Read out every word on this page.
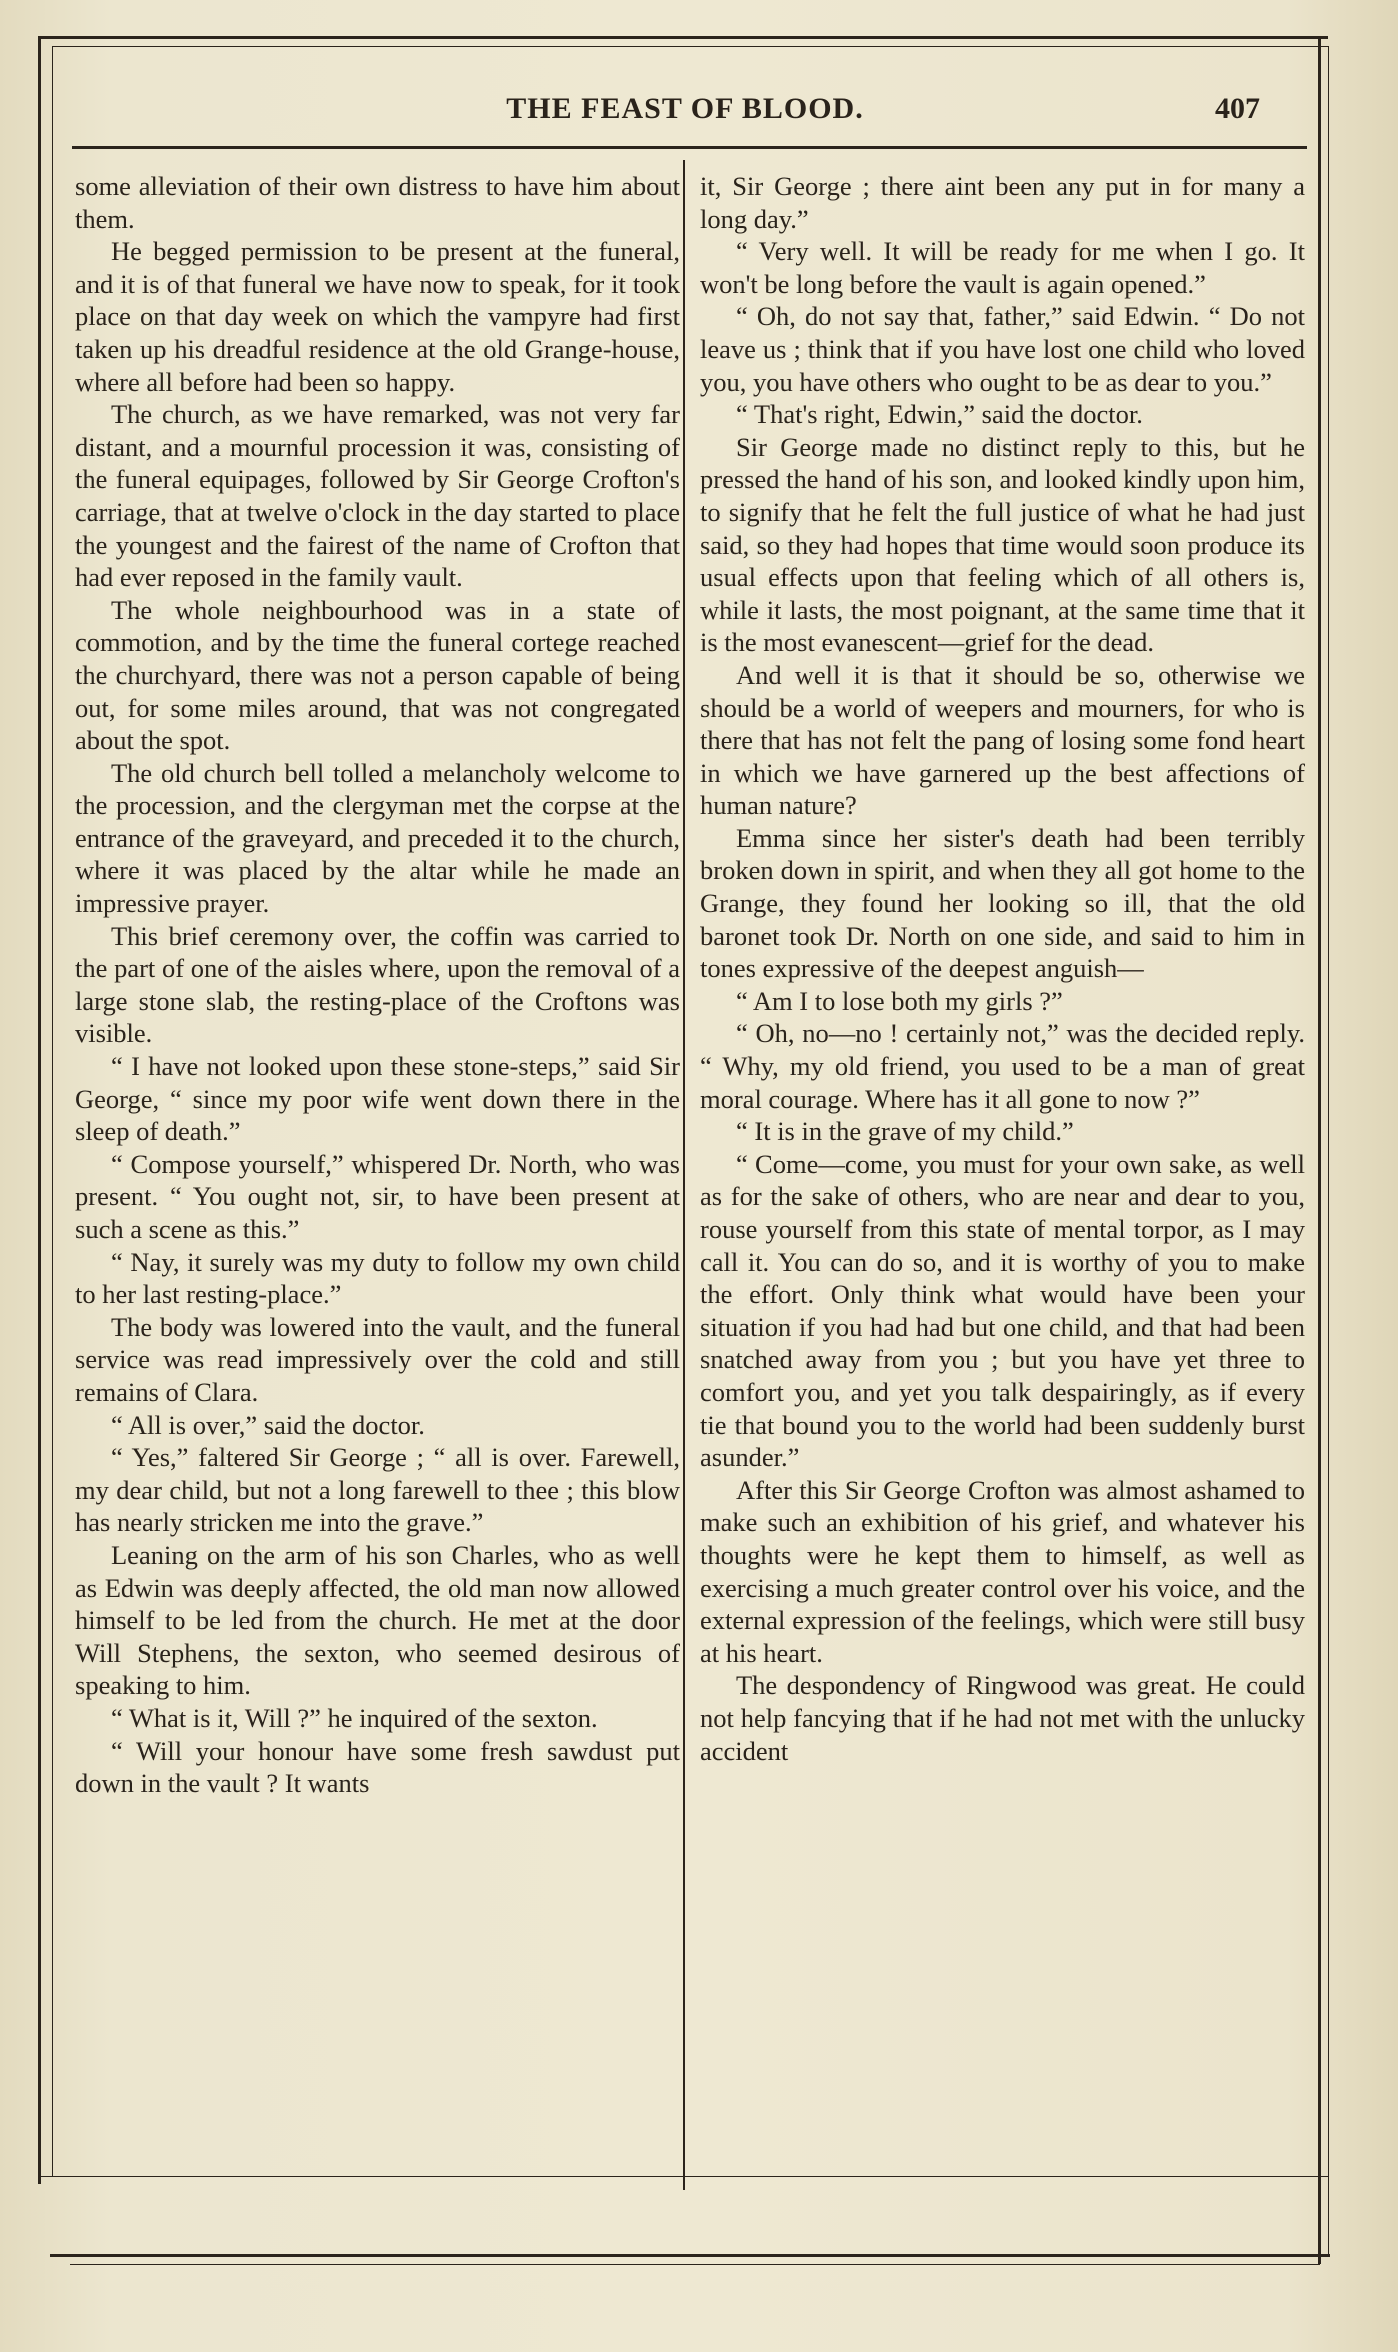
THE FEAST OF BLOOD.	407

some alleviation of their own distress to have him about them.

He begged permission to be present at the funeral, and it is of that funeral we have now to speak, for it took place on that day week on which the vampyre had first taken up his dreadful residence at the old Grange-house, where all before had been so happy.

The church, as we have remarked, was not very far distant, and a mournful procession it was, consisting of the funeral equipages, followed by Sir George Crofton's carriage, that at twelve o'clock in the day started to place the youngest and the fairest of the name of Crofton that had ever reposed in the family vault.

The whole neighbourhood was in a state of commotion, and by the time the funeral cortege reached the churchyard, there was not a person capable of being out, for some miles around, that was not congregated about the spot.

The old church bell tolled a melancholy welcome to the procession, and the clergyman met the corpse at the entrance of the graveyard, and preceded it to the church, where it was placed by the altar while he made an impressive prayer.

This brief ceremony over, the coffin was carried to the part of one of the aisles where, upon the removal of a large stone slab, the resting-place of the Croftons was visible.

“ I have not looked upon these stone-steps,” said Sir George, “ since my poor wife went down there in the sleep of death.”

“ Compose yourself,” whispered Dr. North, who was present. “ You ought not, sir, to have been present at such a scene as this.”

“ Nay, it surely was my duty to follow my own child to her last resting-place.”

The body was lowered into the vault, and the funeral service was read impressively over the cold and still remains of Clara.

“ All is over,” said the doctor.

“ Yes,” faltered Sir George ; “ all is over. Farewell, my dear child, but not a long farewell to thee ; this blow has nearly stricken me into the grave.”

Leaning on the arm of his son Charles, who as well as Edwin was deeply affected, the old man now allowed himself to be led from the church. He met at the door Will Stephens, the sexton, who seemed desirous of speaking to him.

“ What is it, Will ?” he inquired of the sexton.

“ Will your honour have some fresh sawdust put down in the vault ? It wants

it, Sir George ; there aint been any put in for many a long day.”

“ Very well. It will be ready for me when I go. It won't be long before the vault is again opened.”

“ Oh, do not say that, father,” said Edwin. “ Do not leave us ; think that if you have lost one child who loved you, you have others who ought to be as dear to you.”

“ That's right, Edwin,” said the doctor.

Sir George made no distinct reply to this, but he pressed the hand of his son, and looked kindly upon him, to signify that he felt the full justice of what he had just said, so they had hopes that time would soon produce its usual effects upon that feeling which of all others is, while it lasts, the most poignant, at the same time that it is the most evanescent—grief for the dead.

And well it is that it should be so, otherwise we should be a world of weepers and mourners, for who is there that has not felt the pang of losing some fond heart in which we have garnered up the best affections of human nature?

Emma since her sister's death had been terribly broken down in spirit, and when they all got home to the Grange, they found her looking so ill, that the old baronet took Dr. North on one side, and said to him in tones expressive of the deepest anguish—

“ Am I to lose both my girls ?”

“ Oh, no—no ! certainly not,” was the decided reply. “ Why, my old friend, you used to be a man of great moral courage. Where has it all gone to now ?”

“ It is in the grave of my child.”

“ Come—come, you must for your own sake, as well as for the sake of others, who are near and dear to you, rouse yourself from this state of mental torpor, as I may call it. You can do so, and it is worthy of you to make the effort. Only think what would have been your situation if you had had but one child, and that had been snatched away from you ; but you have yet three to comfort you, and yet you talk despairingly, as if every tie that bound you to the world had been suddenly burst asunder.”

After this Sir George Crofton was almost ashamed to make such an exhibition of his grief, and whatever his thoughts were he kept them to himself, as well as exercising a much greater control over his voice, and the external expression of the feelings, which were still busy at his heart.

The despondency of Ringwood was great. He could not help fancying that if he had not met with the unlucky accident
